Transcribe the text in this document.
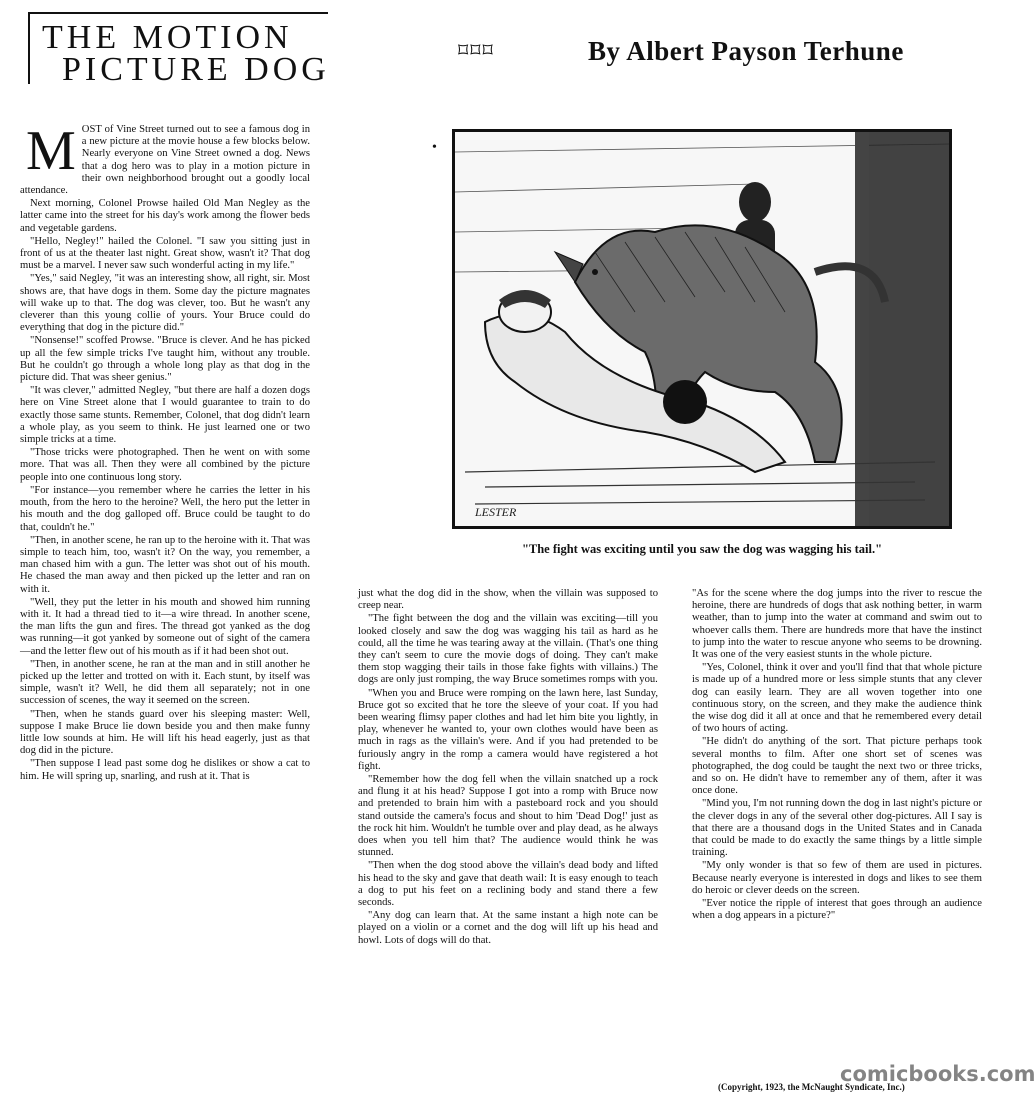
THE MOTION
PICTURE DOG	⌑⌑⌑	By Albert Payson Terhune
M OST of Vine Street turned out to see a famous dog in a new picture at the movie house a few blocks below. Nearly everyone on Vine Street owned a dog. News that a dog hero was to play in a motion picture in their own neighborhood brought out a goodly local attendance.

Next morning, Colonel Prowse hailed Old Man Negley as the latter came into the street for his day's work among the flower beds and vegetable gardens.

"Hello, Negley!" hailed the Colonel. "I saw you sitting just in front of us at the theater last night. Great show, wasn't it? That dog must be a marvel. I never saw such wonderful acting in my life."

"Yes," said Negley, "it was an interesting show, all right, sir. Most shows are, that have dogs in them. Some day the picture magnates will wake up to that. The dog was clever, too. But he wasn't any cleverer than this young collie of yours. Your Bruce could do everything that dog in the picture did."

"Nonsense!" scoffed Prowse. "Bruce is clever. And he has picked up all the few simple tricks I've taught him, without any trouble. But he couldn't go through a whole long play as that dog in the picture did. That was sheer genius."

"It was clever," admitted Negley, "but there are half a dozen dogs here on Vine Street alone that I would guarantee to train to do exactly those same stunts. Remember, Colonel, that dog didn't learn a whole play, as you seem to think. He just learned one or two simple tricks at a time.

"Those tricks were photographed. Then he went on with some more. That was all. Then they were all combined by the picture people into one continuous long story.

"For instance—you remember where he carries the letter in his mouth, from the hero to the heroine? Well, the hero put the letter in his mouth and the dog galloped off. Bruce could be taught to do that, couldn't he."

"Then, in another scene, he ran up to the heroine with it. That was simple to teach him, too, wasn't it? On the way, you remember, a man chased him with a gun. The letter was shot out of his mouth. He chased the man away and then picked up the letter and ran on with it.

"Well, they put the letter in his mouth and showed him running with it. It had a thread tied to it—a wire thread. In another scene, the man lifts the gun and fires. The thread got yanked as the dog was running—it got yanked by someone out of sight of the camera—and the letter flew out of his mouth as if it had been shot out.

"Then, in another scene, he ran at the man and in still another he picked up the letter and trotted on with it. Each stunt, by itself was simple, wasn't it? Well, he did them all separately; not in one succession of scenes, the way it seemed on the screen.

"Then, when he stands guard over his sleeping master: Well, suppose I make Bruce lie down beside you and then make funny little low sounds at him. He will lift his head eagerly, just as that dog did in the picture.

"Then suppose I lead past some dog he dislikes or show a cat to him. He will spring up, snarling, and rush at it. That is

•
LESTER
"The fight was exciting until you saw the dog was wagging his tail."

just what the dog did in the show, when the villain was supposed to creep near.

"The fight between the dog and the villain was exciting—till you looked closely and saw the dog was wagging his tail as hard as he could, all the time he was tearing away at the villain. (That's one thing they can't seem to cure the movie dogs of doing. They can't make them stop wagging their tails in those fake fights with villains.) The dogs are only just romping, the way Bruce sometimes romps with you.

"When you and Bruce were romping on the lawn here, last Sunday, Bruce got so excited that he tore the sleeve of your coat. If you had been wearing flimsy paper clothes and had let him bite you lightly, in play, whenever he wanted to, your own clothes would have been as much in rags as the villain's were. And if you had pretended to be furiously angry in the romp a camera would have registered a hot fight.

"Remember how the dog fell when the villain snatched up a rock and flung it at his head? Suppose I got into a romp with Bruce now and pretended to brain him with a pasteboard rock and you should stand outside the camera's focus and shout to him 'Dead Dog!' just as the rock hit him. Wouldn't he tumble over and play dead, as he always does when you tell him that? The audience would think he was stunned.

"Then when the dog stood above the villain's dead body and lifted his head to the sky and gave that death wail: It is easy enough to teach a dog to put his feet on a reclining body and stand there a few seconds.

"Any dog can learn that. At the same instant a high note can be played on a violin or a cornet and the dog will lift up his head and howl. Lots of dogs will do that.

"As for the scene where the dog jumps into the river to rescue the heroine, there are hundreds of dogs that ask nothing better, in warm weather, than to jump into the water at command and swim out to whoever calls them. There are hundreds more that have the instinct to jump into the water to rescue anyone who seems to be drowning. It was one of the very easiest stunts in the whole picture.

"Yes, Colonel, think it over and you'll find that that whole picture is made up of a hundred more or less simple stunts that any clever dog can easily learn. They are all woven together into one continuous story, on the screen, and they make the audience think the wise dog did it all at once and that he remembered every detail of two hours of acting.

"He didn't do anything of the sort. That picture perhaps took several months to film. After one short set of scenes was photographed, the dog could be taught the next two or three tricks, and so on. He didn't have to remember any of them, after it was once done.

"Mind you, I'm not running down the dog in last night's picture or the clever dogs in any of the several other dog-pictures. All I say is that there are a thousand dogs in the United States and in Canada that could be made to do exactly the same things by a little simple training.

"My only wonder is that so few of them are used in pictures. Because nearly everyone is interested in dogs and likes to see them do heroic or clever deeds on the screen.

"Ever notice the ripple of interest that goes through an audience when a dog appears in a picture?"

(Copyright, 1923, the McNaught Syndicate, Inc.)
comicbooks.com
